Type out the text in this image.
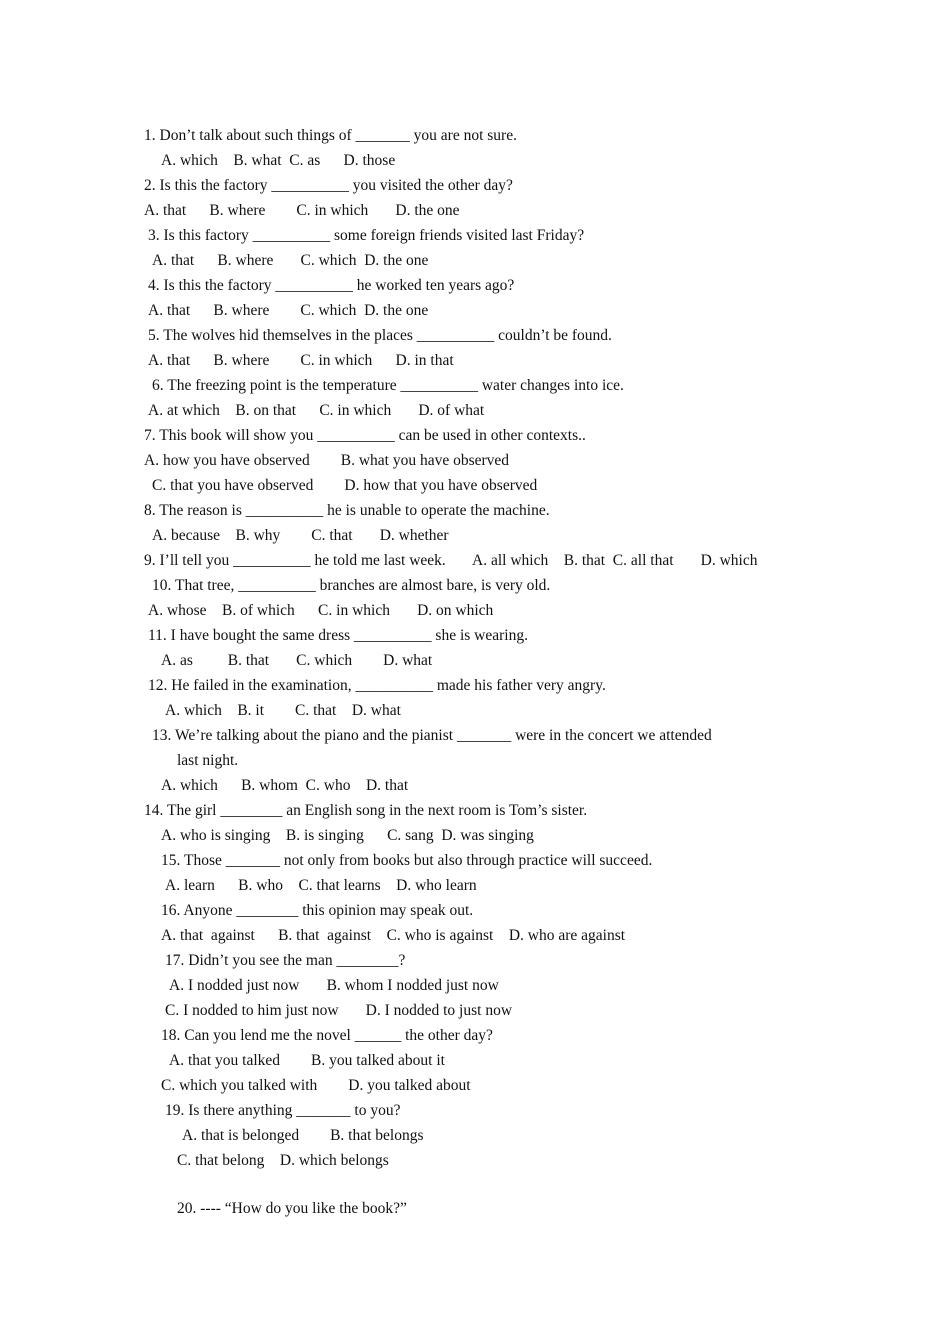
1. Don’t talk about such things of _______ you are not sure.
A. which    B. what  C. as      D. those
2. Is this the factory __________ you visited the other day?
A. that      B. where        C. in which       D. the one
3. Is this factory __________ some foreign friends visited last Friday?
A. that      B. where       C. which  D. the one
4. Is this the factory __________ he worked ten years ago?
A. that      B. where        C. which  D. the one
5. The wolves hid themselves in the places __________ couldn’t be found.
A. that      B. where        C. in which      D. in that
6. The freezing point is the temperature __________ water changes into ice.
A. at which    B. on that      C. in which       D. of what
7. This book will show you __________ can be used in other contexts..
A. how you have observed        B. what you have observed
C. that you have observed        D. how that you have observed
8. The reason is __________ he is unable to operate the machine.
A. because    B. why        C. that       D. whether
9. I’ll tell you __________ he told me last week.       A. all which    B. that  C. all that       D. which
10. That tree, __________ branches are almost bare, is very old.
A. whose    B. of which      C. in which       D. on which
11. I have bought the same dress __________ she is wearing.
A. as         B. that       C. which        D. what
12. He failed in the examination, __________ made his father very angry.
A. which    B. it        C. that    D. what
13. We’re talking about the piano and the pianist _______ were in the concert we attended
last night.
A. which      B. whom  C. who    D. that
14. The girl ________ an English song in the next room is Tom’s sister.
A. who is singing    B. is singing      C. sang  D. was singing
15. Those _______ not only from books but also through practice will succeed.
A. learn      B. who    C. that learns    D. who learn
16. Anyone ________ this opinion may speak out.
A. that  against      B. that  against    C. who is against    D. who are against
17. Didn’t you see the man ________?
A. I nodded just now       B. whom I nodded just now
C. I nodded to him just now       D. I nodded to just now
18. Can you lend me the novel ______ the other day?
A. that you talked        B. you talked about it
C. which you talked with        D. you talked about
19. Is there anything _______ to you?
A. that is belonged        B. that belongs
C. that belong    D. which belongs
20. ---- “How do you like the book?”
